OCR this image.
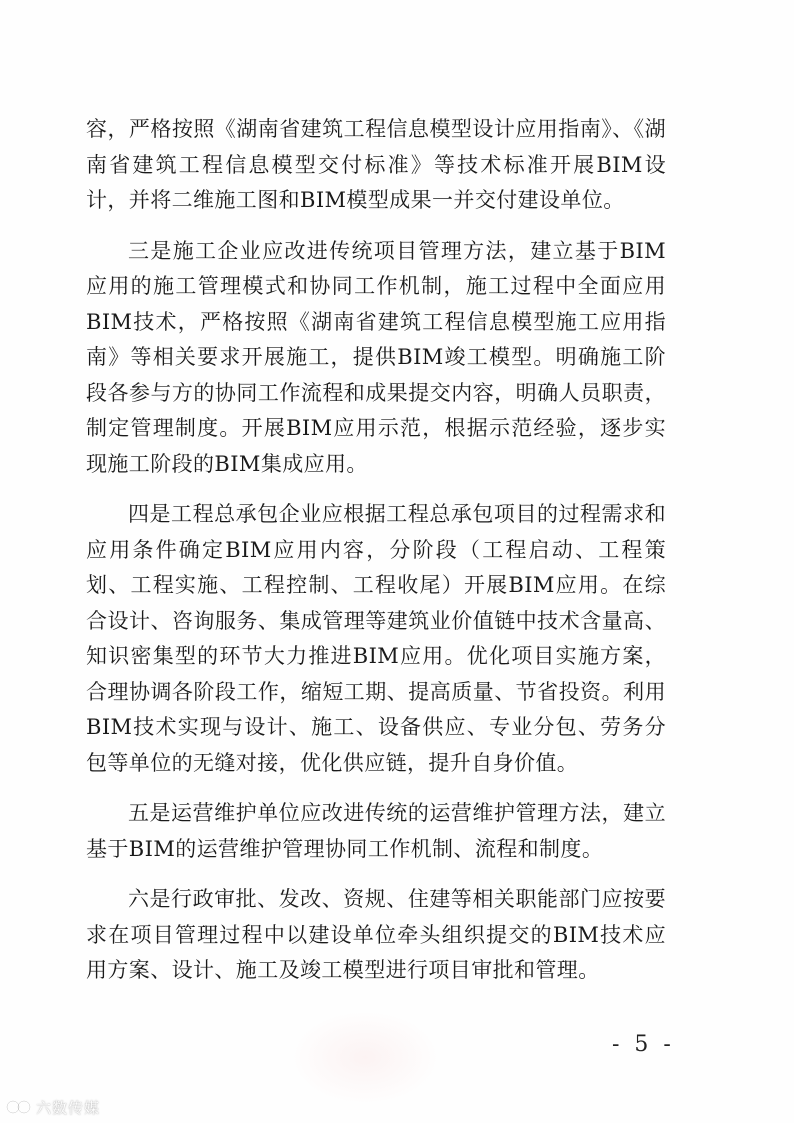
容，严格按照《湖南省建筑工程信息模型设计应用指南》、《湖南省建筑工程信息模型交付标准》等技术标准开展BIM设计，并将二维施工图和BIM模型成果一并交付建设单位。

三是施工企业应改进传统项目管理方法，建立基于BIM应用的施工管理模式和协同工作机制，施工过程中全面应用BIM技术，严格按照《湖南省建筑工程信息模型施工应用指南》等相关要求开展施工，提供BIM竣工模型。明确施工阶段各参与方的协同工作流程和成果提交内容，明确人员职责，制定管理制度。开展BIM应用示范，根据示范经验，逐步实现施工阶段的BIM集成应用。

四是工程总承包企业应根据工程总承包项目的过程需求和应用条件确定BIM应用内容，分阶段（工程启动、工程策划、工程实施、工程控制、工程收尾）开展BIM应用。在综合设计、咨询服务、集成管理等建筑业价值链中技术含量高、知识密集型的环节大力推进BIM应用。优化项目实施方案，合理协调各阶段工作，缩短工期、提高质量、节省投资。利用BIM技术实现与设计、施工、设备供应、专业分包、劳务分包等单位的无缝对接，优化供应链，提升自身价值。

五是运营维护单位应改进传统的运营维护管理方法，建立基于BIM的运营维护管理协同工作机制、流程和制度。

六是行政审批、发改、资规、住建等相关职能部门应按要求在项目管理过程中以建设单位牵头组织提交的BIM技术应用方案、设计、施工及竣工模型进行项目审批和管理。

- 5 -
六数传媒
